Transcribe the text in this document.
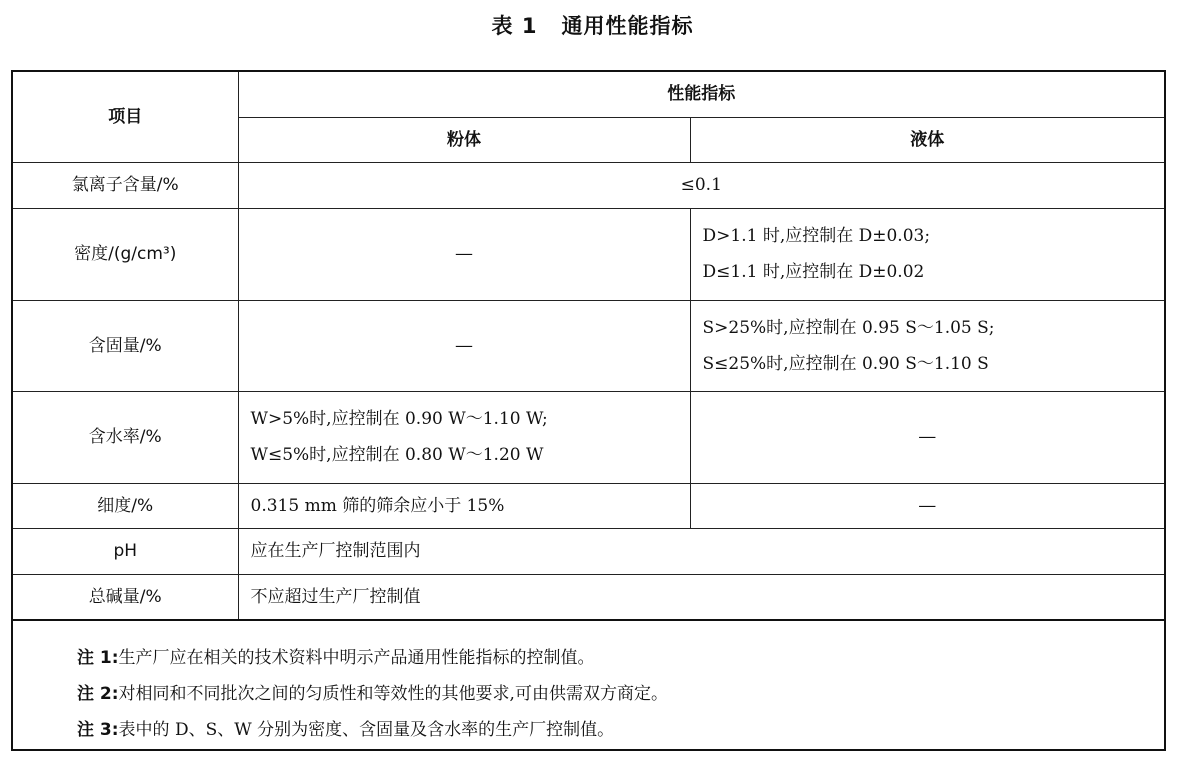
表 1 通用性能指标
项目	性能指标	
	粉体	液体
氯离子含量/%	≤0.1	
密度/(g/cm³)	—	D>1.1 时,应控制在 D±0.03;
D≤1.1 时,应控制在 D±0.02

含固量/%	—	S>25%时,应控制在 0.95 S～1.05 S;
S≤25%时,应控制在 0.90 S～1.10 S

含水率/%	W>5%时,应控制在 0.90 W～1.10 W;
W≤5%时,应控制在 0.80 W～1.20 W	—
细度/%	0.315 mm 筛的筛余应小于 15%	—
pH	应在生产厂控制范围内	
总碱量/%	不应超过生产厂控制值	
注 1:生产厂应在相关的技术资料中明示产品通用性能指标的控制值。
注 2:对相同和不同批次之间的匀质性和等效性的其他要求,可由供需双方商定。
注 3:表中的 D、S、W 分别为密度、含固量及含水率的生产厂控制值。
